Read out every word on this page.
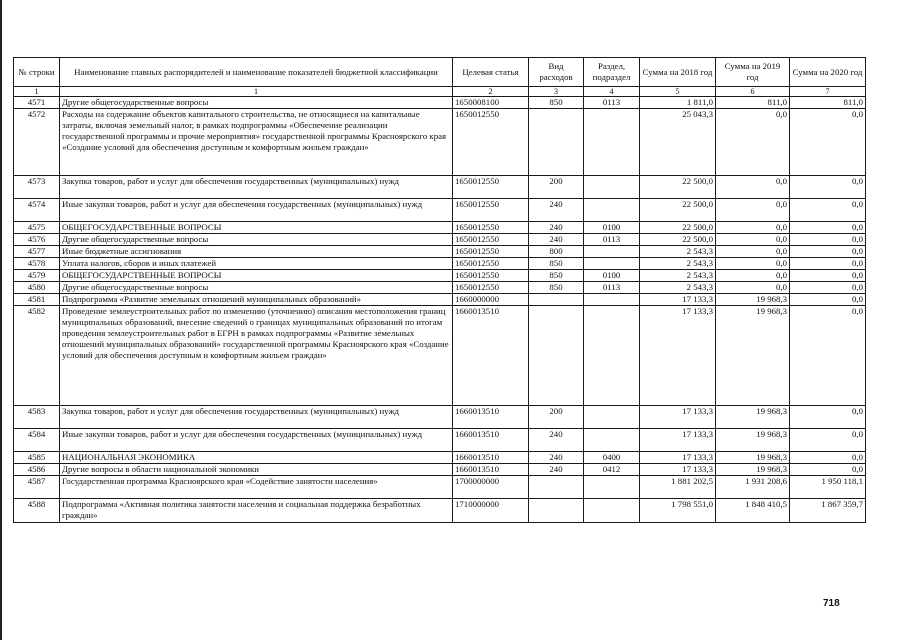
№ строки	Наименование главных распорядителей и наименование показателей бюджетной классификации	Целевая статья	Вид расходов	Раздел, подраздел	Сумма на 2018 год	Сумма на 2019 год	Сумма на 2020 год
1	1	2	3	4	5	6	7
4571	Другие общегосударственные вопросы	1650008100	850	0113	1 811,0	811,0	811,0
4572	Расходы на содержание объектов капитального строительства, не относящиеся на капитальные затраты, включая земельный налог, в рамках подпрограммы «Обеспечение реализации государственной программы и прочие мероприятия» государственной программы Красноярского края «Создание условий для обеспечения доступным и комфортным жильем граждан»	1650012550			25 043,3	0,0	0,0
4573	Закупка товаров, работ и услуг для обеспечения государственных (муниципальных) нужд	1650012550	200		22 500,0	0,0	0,0
4574	Иные закупки товаров, работ и услуг для обеспечения государственных (муниципальных) нужд	1650012550	240		22 500,0	0,0	0,0
4575	ОБЩЕГОСУДАРСТВЕННЫЕ ВОПРОСЫ	1650012550	240	0100	22 500,0	0,0	0,0
4576	Другие общегосударственные вопросы	1650012550	240	0113	22 500,0	0,0	0,0
4577	Иные бюджетные ассигнования	1650012550	800		2 543,3	0,0	0,0
4578	Уплата налогов, сборов и иных платежей	1650012550	850		2 543,3	0,0	0,0
4579	ОБЩЕГОСУДАРСТВЕННЫЕ ВОПРОСЫ	1650012550	850	0100	2 543,3	0,0	0,0
4580	Другие общегосударственные вопросы	1650012550	850	0113	2 543,3	0,0	0,0
4581	Подпрограмма «Развитие земельных отношений муниципальных образований»	1660000000			17 133,3	19 968,3	0,0
4582	Проведение землеустроительных работ по изменению (уточнению) описания местоположения границ муниципальных образований, внесение сведений о границах муниципальных образований по итогам проведения землеустроительных работ в ЕГРН в рамках подпрограммы «Развитие земельных отношений муниципальных образований» государственной программы Красноярского края «Создание условий для обеспечения доступным и комфортным жильем граждан»	1660013510			17 133,3	19 968,3	0,0
4583	Закупка товаров, работ и услуг для обеспечения государственных (муниципальных) нужд	1660013510	200		17 133,3	19 968,3	0,0
4584	Иные закупки товаров, работ и услуг для обеспечения государственных (муниципальных) нужд	1660013510	240		17 133,3	19 968,3	0,0
4585	НАЦИОНАЛЬНАЯ ЭКОНОМИКА	1660013510	240	0400	17 133,3	19 968,3	0,0
4586	Другие вопросы в области национальной экономики	1660013510	240	0412	17 133,3	19 968,3	0,0
4587	Государственная программа Красноярского края «Содействие занятости населения»	1700000000			1 881 202,5	1 931 208,6	1 950 118,1
4588	Подпрограмма «Активная политика занятости населения и социальная поддержка безработных граждан»	1710000000			1 798 551,0	1 848 410,5	1 867 359,7
718
